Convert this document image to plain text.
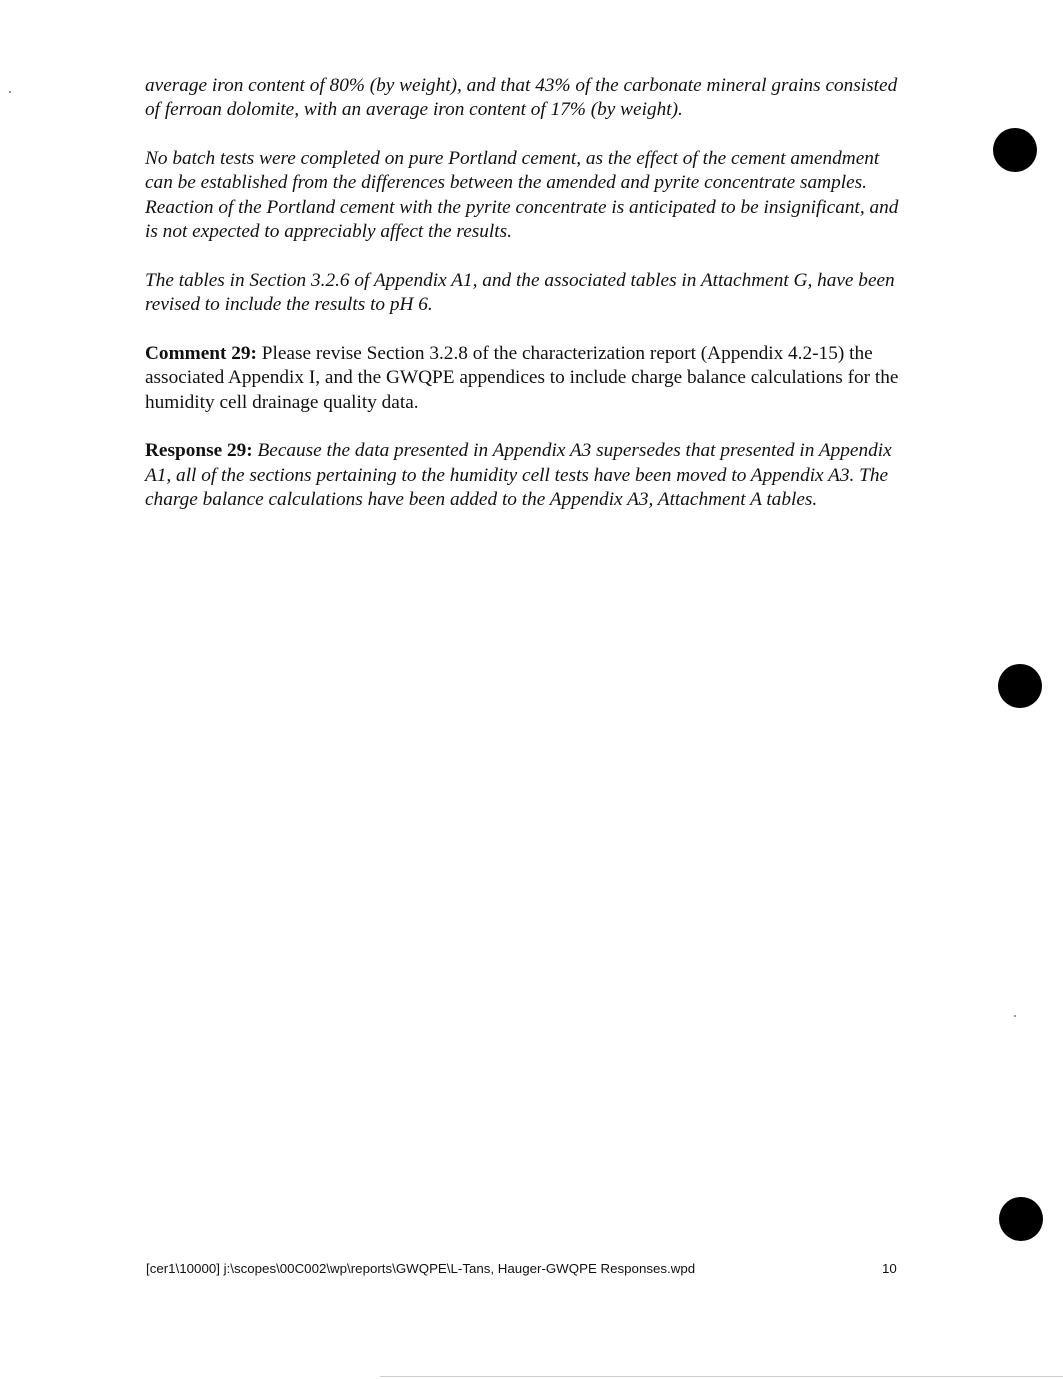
average iron content of 80% (by weight), and that 43% of the carbonate mineral grains consisted of ferroan dolomite, with an average iron content of 17% (by weight).

No batch tests were completed on pure Portland cement, as the effect of the cement amendment can be established from the differences between the amended and pyrite concentrate samples. Reaction of the Portland cement with the pyrite concentrate is anticipated to be insignificant, and is not expected to appreciably affect the results.

The tables in Section 3.2.6 of Appendix A1, and the associated tables in Attachment G, have been revised to include the results to pH 6.

Comment 29: Please revise Section 3.2.8 of the characterization report (Appendix 4.2-15) the associated Appendix I, and the GWQPE appendices to include charge balance calculations for the humidity cell drainage quality data.

Response 29: Because the data presented in Appendix A3 supersedes that presented in Appendix A1, all of the sections pertaining to the humidity cell tests have been moved to Appendix A3. The charge balance calculations have been added to the Appendix A3, Attachment A tables.

[cer1\10000] j:\scopes\00C002\wp\reports\GWQPE\L-Tans, Hauger-GWQPE Responses.wpd	10
